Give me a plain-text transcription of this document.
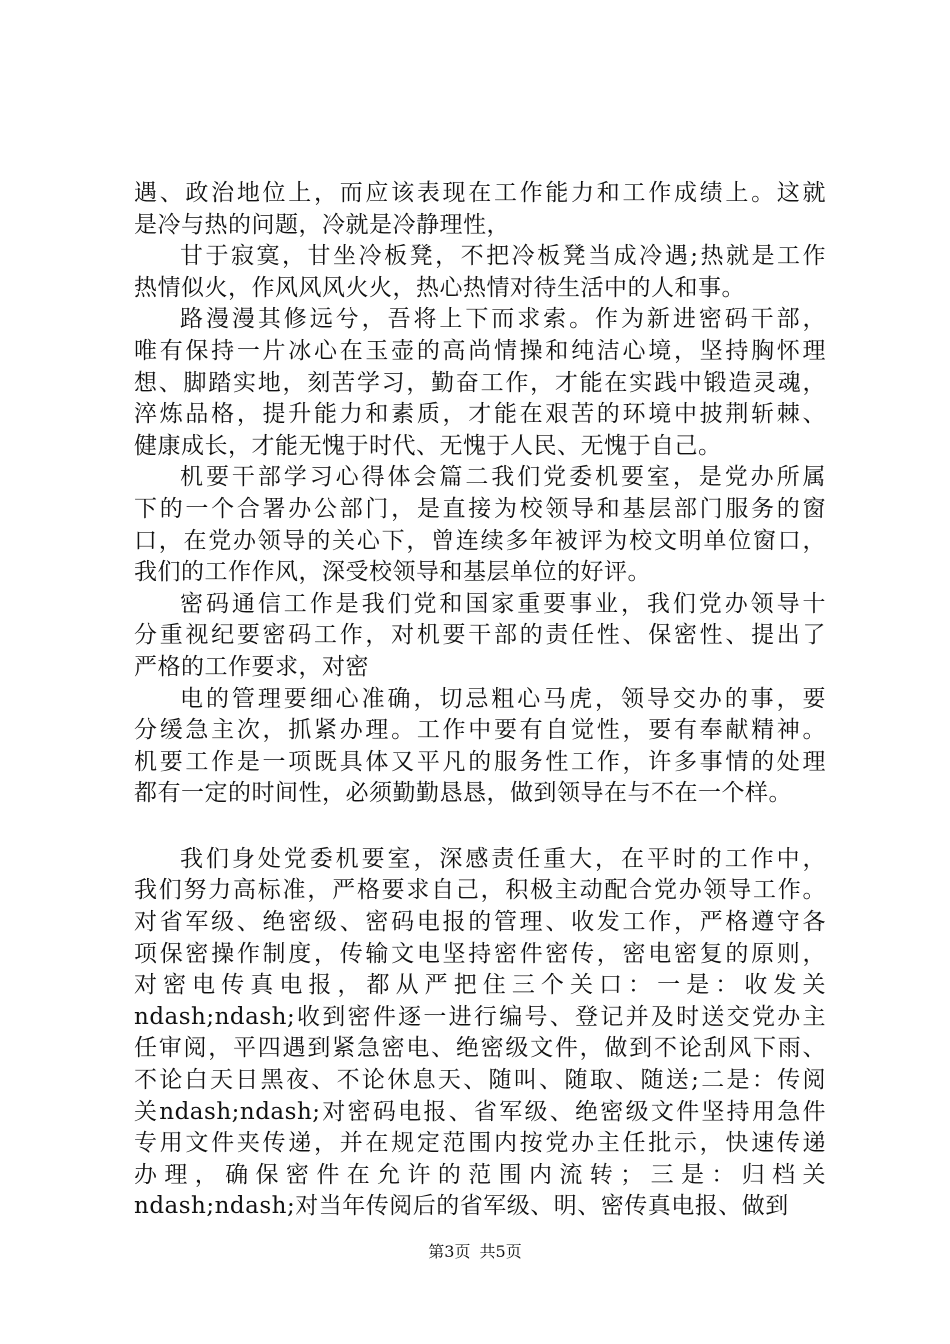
遇、政治地位上，而应该表现在工作能力和工作成绩上。这就
是冷与热的问题，冷就是冷静理性，
甘于寂寞，甘坐冷板凳，不把冷板凳当成冷遇;热就是工作
热情似火，作风风风火火，热心热情对待生活中的人和事。
路漫漫其修远兮，吾将上下而求索。作为新进密码干部，
唯有保持一片冰心在玉壶的高尚情操和纯洁心境，坚持胸怀理
想、脚踏实地，刻苦学习，勤奋工作，才能在实践中锻造灵魂，
淬炼品格，提升能力和素质，才能在艰苦的环境中披荆斩棘、
健康成长，才能无愧于时代、无愧于人民、无愧于自己。
机要干部学习心得体会篇二我们党委机要室，是党办所属
下的一个合署办公部门，是直接为校领导和基层部门服务的窗
口，在党办领导的关心下，曾连续多年被评为校文明单位窗口，
我们的工作作风，深受校领导和基层单位的好评。
密码通信工作是我们党和国家重要事业，我们党办领导十
分重视纪要密码工作，对机要干部的责任性、保密性、提出了
严格的工作要求，对密
电的管理要细心准确，切忌粗心马虎，领导交办的事，要
分缓急主次，抓紧办理。工作中要有自觉性，要有奉献精神。
机要工作是一项既具体又平凡的服务性工作，许多事情的处理
都有一定的时间性，必须勤勤恳恳，做到领导在与不在一个样。
我们身处党委机要室，深感责任重大，在平时的工作中，
我们努力高标准，严格要求自己，积极主动配合党办领导工作。
对省军级、绝密级、密码电报的管理、收发工作，严格遵守各
项保密操作制度，传输文电坚持密件密传，密电密复的原则，
对密电传真电报，都从严把住三个关口：一是：收发关
ndash;ndash;收到密件逐一进行编号、登记并及时送交党办主
任审阅，平四遇到紧急密电、绝密级文件，做到不论刮风下雨、
不论白天日黑夜、不论休息天、随叫、随取、随送;二是：传阅
关ndash;ndash;对密码电报、省军级、绝密级文件坚持用急件
专用文件夹传递，并在规定范围内按党办主任批示，快速传递
办理，确保密件在允许的范围内流转；三是：归档关
ndash;ndash;对当年传阅后的省军级、明、密传真电报、做到
第3页 共5页
